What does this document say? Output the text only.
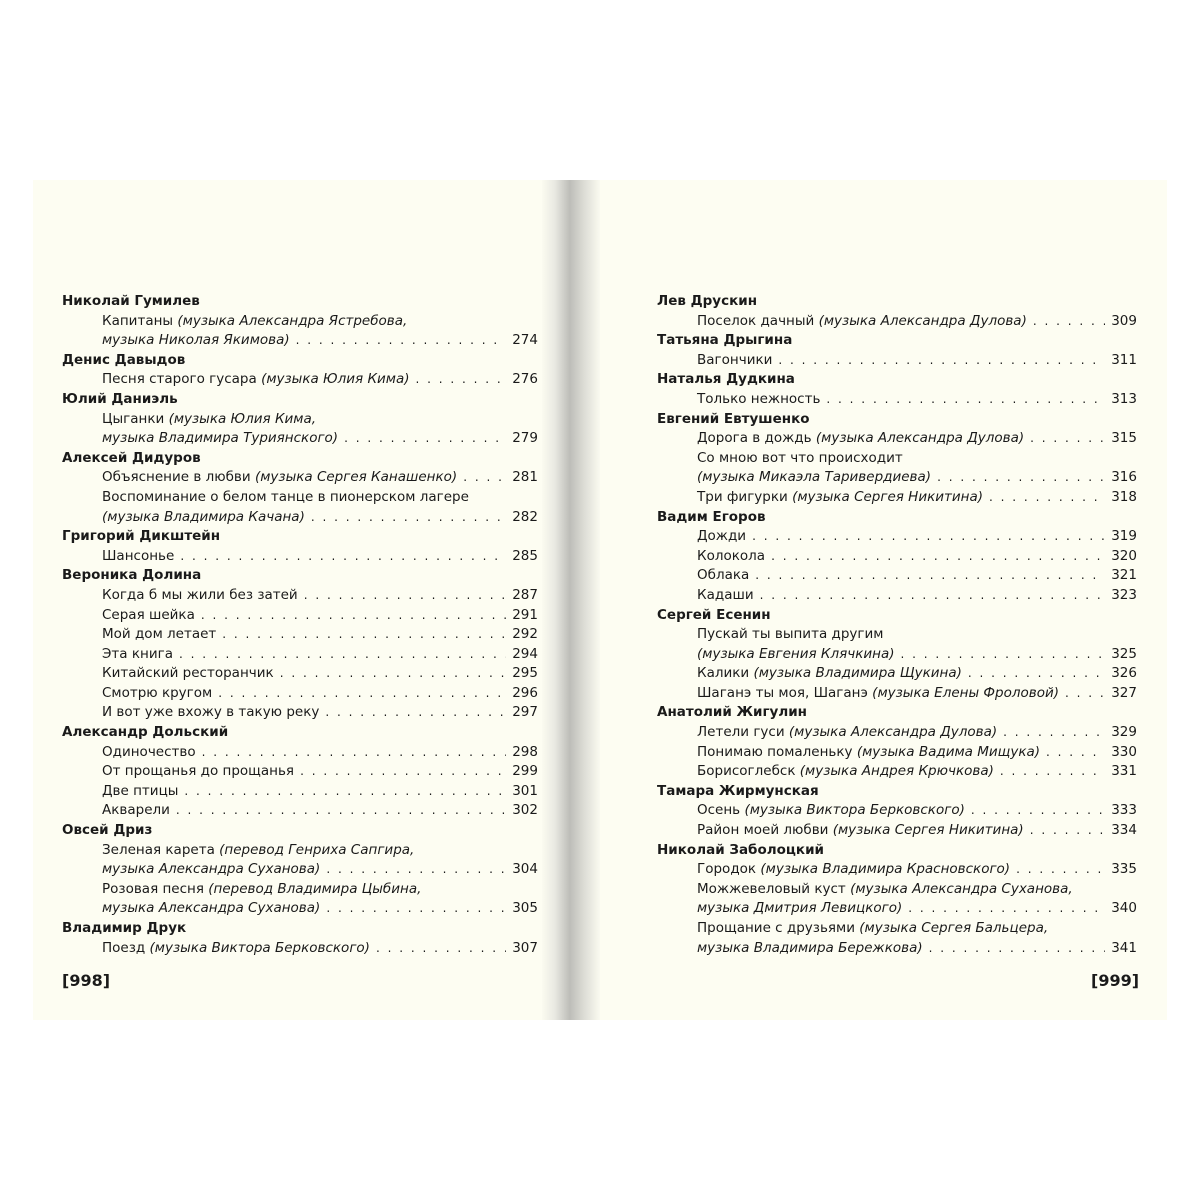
Николай Гумилев
Капитаны (музыка Александра Ястребова,
музыка Николая Якимова) . . .	274
Денис Давыдов
Песня старого гусара (музыка Юлия Кима) . . .	276
Юлий Даниэль
Цыганки (музыка Юлия Кима,
музыка Владимира Туриянского) . . .	279
Алексей Дидуров
Объяснение в любви (музыка Сергея Канашенко) . . .	281
Воспоминание о белом танце в пионерском лагере
(музыка Владимира Качана) . . .	282
Григорий Дикштейн
Шансонье . . .	285
Вероника Долина
Когда б мы жили без затей . . .	287
Серая шейка . . .	291
Мой дом летает . . .	292
Эта книга . . .	294
Китайский ресторанчик . . .	295
Смотрю кругом . . .	296
И вот уже вхожу в такую реку . . .	297
Александр Дольский
Одиночество . . .	298
От прощанья до прощанья . . .	299
Две птицы . . .	301
Акварели . . .	302
Овсей Дриз
Зеленая карета (перевод Генриха Сапгира,
музыка Александра Суханова) . . .	304
Розовая песня (перевод Владимира Цыбина,
музыка Александра Суханова) . . .	305
Владимир Друк
Поезд (музыка Виктора Берковского) . . .	307
Лев Друскин
Поселок дачный (музыка Александра Дулова) . . .	309
Татьяна Дрыгина
Вагончики . . .	311
Наталья Дудкина
Только нежность . . .	313
Евгений Евтушенко
Дорога в дождь (музыка Александра Дулова) . . .	315
Со мною вот что происходит
(музыка Микаэла Таривердиева) . . .	316
Три фигурки (музыка Сергея Никитина) . . .	318
Вадим Егоров
Дожди . . .	319
Колокола . . .	320
Облака . . .	321
Кадаши . . .	323
Сергей Есенин
Пускай ты выпита другим
(музыка Евгения Клячкина) . . .	325
Калики (музыка Владимира Щукина) . . .	326
Шаганэ ты моя, Шаганэ (музыка Елены Фроловой) . . .	327
Анатолий Жигулин
Летели гуси (музыка Александра Дулова) . . .	329
Понимаю помаленьку (музыка Вадима Мищука) . . .	330
Борисоглебск (музыка Андрея Крючкова) . . .	331
Тамара Жирмунская
Осень (музыка Виктора Берковского) . . .	333
Район моей любви (музыка Сергея Никитина) . . .	334
Николай Заболоцкий
Городок (музыка Владимира Красновского) . . .	335
Можжевеловый куст (музыка Александра Суханова,
музыка Дмитрия Левицкого) . . .	340
Прощание с друзьями (музыка Сергея Бальцера,
музыка Владимира Бережкова) . . .	341
[998]	[999]
